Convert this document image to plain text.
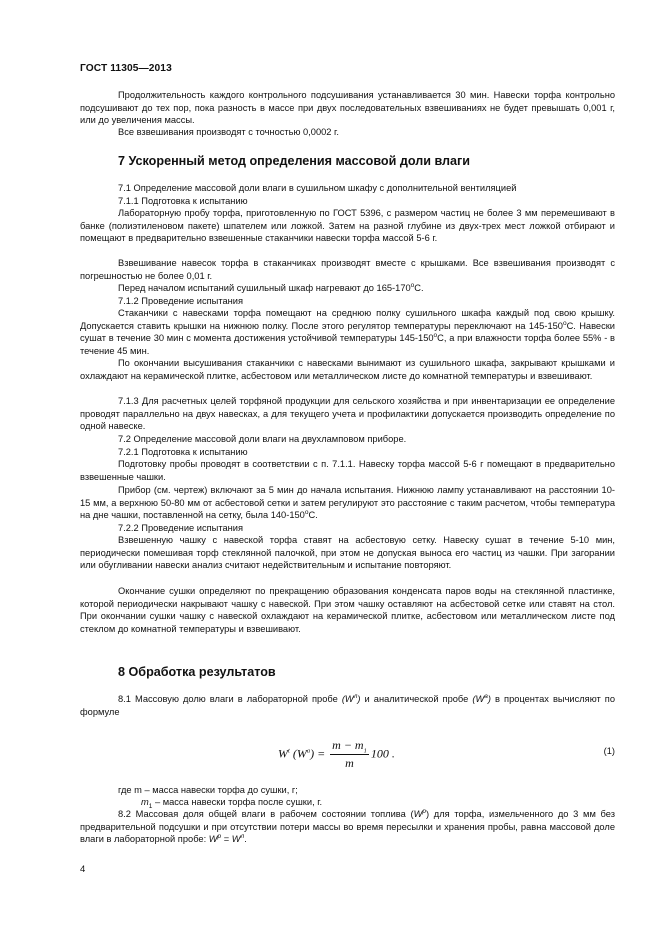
ГОСТ 11305—2013

Продолжительность каждого контрольного подсушивания устанавливается 30 мин. Навески торфа контрольно подсушивают до тех пор, пока разность в массе при двух последовательных взвешиваниях не будет превышать 0,001 г, или до увеличения массы.

Все взвешивания производят с точностью 0,0002 г.

7 Ускоренный метод определения массовой доли влаги

7.1 Определение массовой доли влаги в сушильном шкафу с дополнительной вентиляцией

7.1.1 Подготовка к испытанию

Лабораторную пробу торфа, приготовленную по ГОСТ 5396, с размером частиц не более 3 мм перемешивают в банке (полиэтиленовом пакете) шпателем или ложкой. Затем на разной глубине из двух-трех мест ложкой отбирают и помещают в предварительно взвешенные стаканчики навески торфа массой 5-6 г.

Взвешивание навесок торфа в стаканчиках производят вместе с крышками. Все взвешивания производят с погрешностью не более 0,01 г.

Перед началом испытаний сушильный шкаф нагревают до 165-170$^o$С.

7.1.2 Проведение испытания

Стаканчики с навесками торфа помещают на среднюю полку сушильного шкафа каждый под свою крышку. Допускается ставить крышки на нижнюю полку. После этого регулятор температуры переключают на 145-150$^o$С. Навески сушат в течение 30 мин с момента достижения устойчивой температуры 145-150$^o$С, а при влажности торфа более 55% - в течение 45 мин.

По окончании высушивания стаканчики с навесками вынимают из сушильного шкафа, закрывают крышками и охлаждают на керамической плитке, асбестовом или металлическом листе до комнатной температуры и взвешивают.

7.1.3 Для расчетных целей торфяной продукции для сельского хозяйства и при инвентаризации ее определение проводят параллельно на двух навесках, а для текущего учета и профилактики допускается производить определение по одной навеске.

7.2 Определение массовой доли влаги на двухламповом приборе.

7.2.1 Подготовка к испытанию

Подготовку пробы проводят в соответствии с п. 7.1.1. Навеску торфа массой 5-6 г помещают в предварительно взвешенные чашки.

Прибор (см. чертеж) включают за 5 мин до начала испытания. Нижнюю лампу устанавливают на расстоянии 10-15 мм, а верхнюю 50-80 мм от асбестовой сетки и затем регулируют это расстояние с таким расчетом, чтобы температура на дне чашки, поставленной на сетку, была 140-150$^o$С.

7.2.2 Проведение испытания

Взвешенную чашку с навеской торфа ставят на асбестовую сетку. Навеску сушат в течение 5-10 мин, периодически помешивая торф стеклянной палочкой, при этом не допуская выноса его частиц из чашки. При загорании или обугливании навески анализ считают недействительным и испытание повторяют.

Окончание сушки определяют по прекращению образования конденсата паров воды на стеклянной пластинке, которой периодически накрывают чашку с навеской. При этом чашку оставляют на асбестовой сетке или ставят на стол. При окончании сушки чашку с навеской охлаждают на керамической плитке, асбестовом или металлическом листе под стеклом до комнатной температуры и взвешивают.

8 Обработка результатов

8.1 Массовую долю влаги в лабораторной пробе $(W^л)$ и аналитической пробе $(W^a)$ в процентах вычисляют по формуле

$W^t$ $(W^a) = \frac{m - m_1}{m} 100$ .	(1)

где m – масса навески торфа до сушки, г;

$m_1$ – масса навески торфа после сушки, г.

8.2 Массовая доля общей влаги в рабочем состоянии топлива $(W^р)$ для торфа, измельченного до 3 мм без предварительной подсушки и при отсутствии потери массы во время пересылки и хранения пробы, равна массовой доле влаги в лабораторной пробе: $W^р = W^л$.

4
